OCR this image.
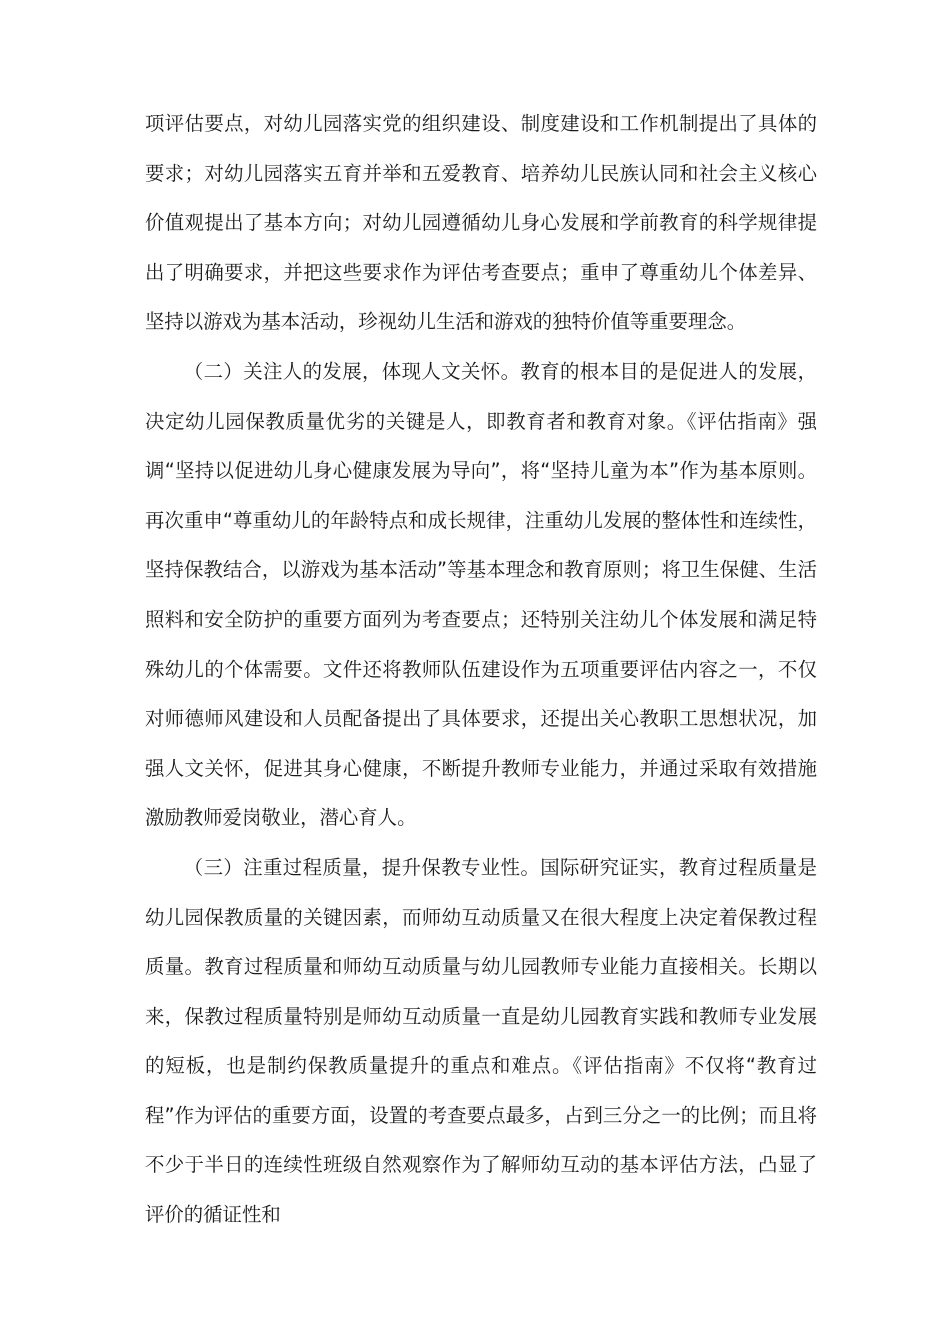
项评估要点，对幼儿园落实党的组织建设、制度建设和工作机制提出了具体的要求；对幼儿园落实五育并举和五爱教育、培养幼儿民族认同和社会主义核心价值观提出了基本方向；对幼儿园遵循幼儿身心发展和学前教育的科学规律提出了明确要求，并把这些要求作为评估考查要点；重申了尊重幼儿个体差异、坚持以游戏为基本活动，珍视幼儿生活和游戏的独特价值等重要理念。

（二）关注人的发展，体现人文关怀。教育的根本目的是促进人的发展，决定幼儿园保教质量优劣的关键是人，即教育者和教育对象。《评估指南》强调“坚持以促进幼儿身心健康发展为导向”，将“坚持儿童为本”作为基本原则。再次重申“尊重幼儿的年龄特点和成长规律，注重幼儿发展的整体性和连续性，坚持保教结合，以游戏为基本活动”等基本理念和教育原则；将卫生保健、生活照料和安全防护的重要方面列为考查要点；还特别关注幼儿个体发展和满足特殊幼儿的个体需要。文件还将教师队伍建设作为五项重要评估内容之一，不仅对师德师风建设和人员配备提出了具体要求，还提出关心教职工思想状况，加强人文关怀，促进其身心健康，不断提升教师专业能力，并通过采取有效措施激励教师爱岗敬业，潜心育人。

（三）注重过程质量，提升保教专业性。国际研究证实，教育过程质量是幼儿园保教质量的关键因素，而师幼互动质量又在很大程度上决定着保教过程质量。教育过程质量和师幼互动质量与幼儿园教师专业能力直接相关。长期以来，保教过程质量特别是师幼互动质量一直是幼儿园教育实践和教师专业发展的短板，也是制约保教质量提升的重点和难点。《评估指南》不仅将“教育过程”作为评估的重要方面，设置的考查要点最多，占到三分之一的比例；而且将不少于半日的连续性班级自然观察作为了解师幼互动的基本评估方法，凸显了评价的循证性和
